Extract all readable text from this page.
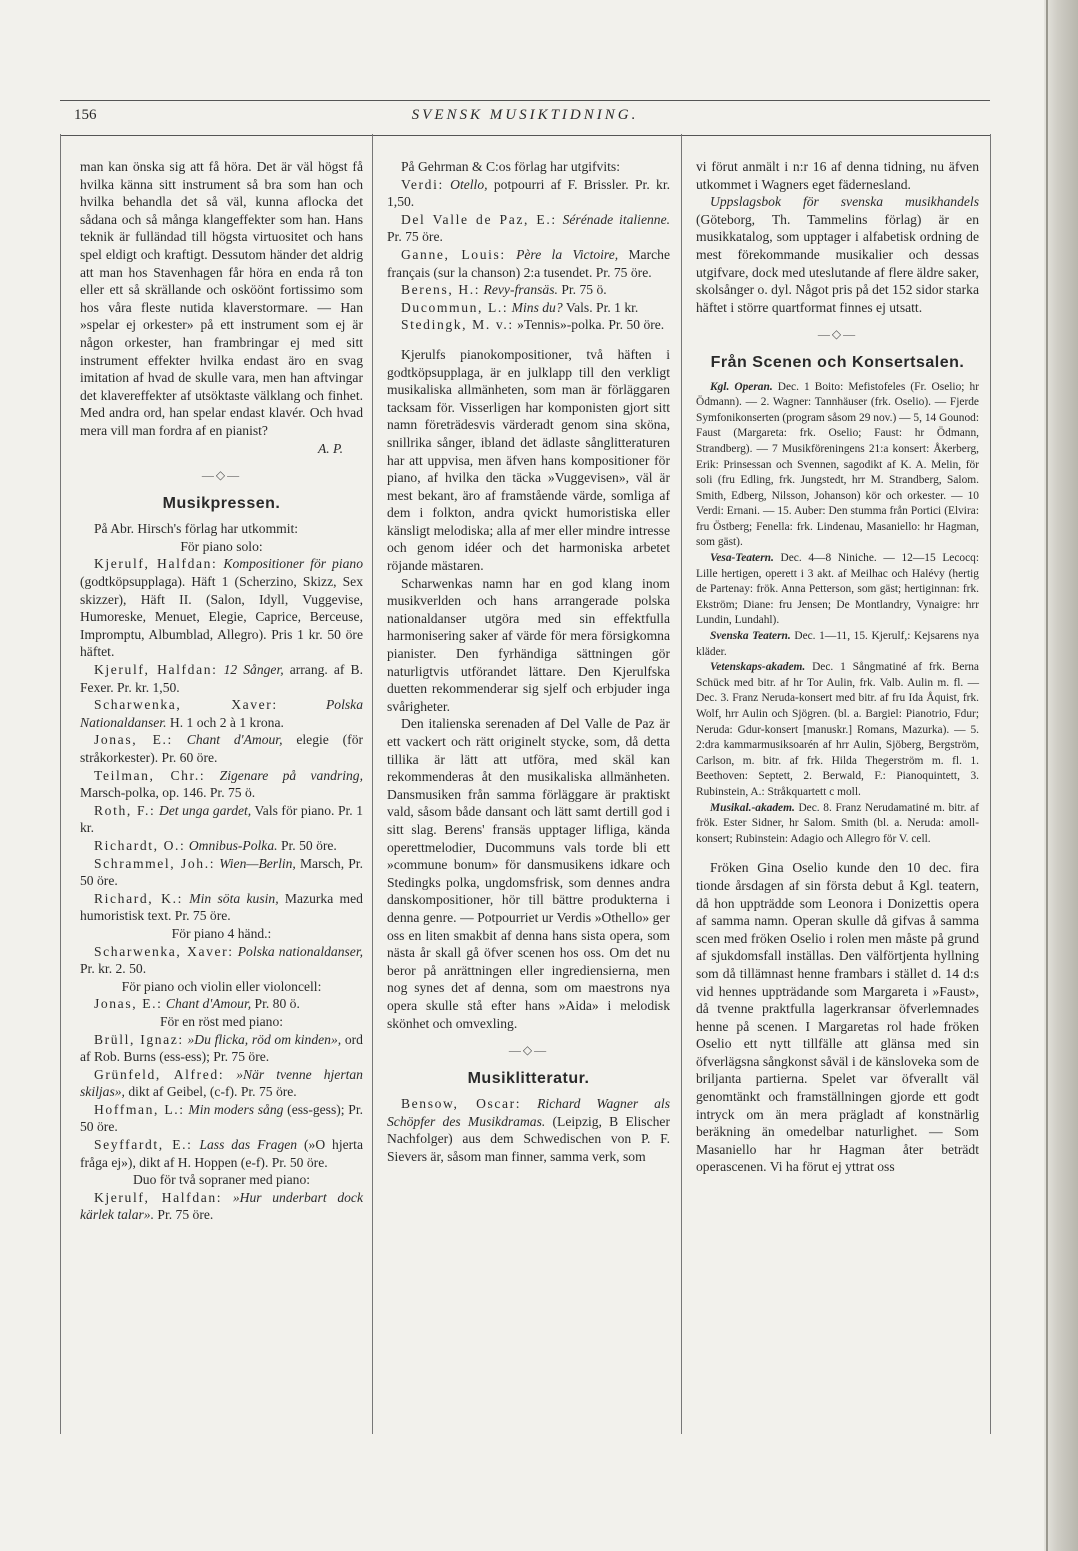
156	SVENSK MUSIKTIDNING.

man kan önska sig att få höra. Det är väl högst få hvilka känna sitt instrument så bra som han och hvilka behandla det så väl, kunna aflocka det sådana och så många klangeffekter som han. Hans teknik är fulländad till högsta virtuositet och hans spel eldigt och kraftigt. Dessutom händer det aldrig att man hos Stavenhagen får höra en enda rå ton eller ett så skrällande och osköönt fortissimo som hos våra fleste nutida klaverstormare. — Han »spelar ej orkester» på ett instrument som ej är någon orkester, han frambringar ej med sitt instrument effekter hvilka endast äro en svag imitation af hvad de skulle vara, men han aftvingar det klavereffekter af utsöktaste välklang och finhet. Med andra ord, han spelar endast klavér. Och hvad mera vill man fordra af en pianist?

A. P.

—◇—
Musikpressen.

På Abr. Hirsch's förlag har utkommit:

För piano solo:

Kjerulf, Halfdan: Kompositioner för piano (godtköpsupplaga). Häft 1 (Scherzino, Skizz, Sex skizzer), Häft II. (Salon, Idyll, Vuggevise, Humoreske, Menuet, Elegie, Caprice, Berceuse, Impromptu, Albumblad, Allegro). Pris 1 kr. 50 öre häftet.

Kjerulf, Halfdan: 12 Sånger, arrang. af B. Fexer. Pr. kr. 1,50.

Scharwenka, Xaver:	Polska Nationaldanser. H. 1 och 2 à 1 krona.

Jonas, E.: Chant d'Amour, elegie (för stråkorkester). Pr. 60 öre.

Teilman, Chr.: Zigenare på vandring, Marsch-polka, op. 146. Pr. 75 ö.

Roth, F.: Det unga gardet, Vals för piano. Pr. 1 kr.

Richardt, O.: Omnibus-Polka. Pr. 50 öre.

Schrammel, Joh.: Wien—Berlin, Marsch, Pr. 50 öre.

Richard, K.: Min söta kusin, Mazurka med humoristisk text. Pr. 75 öre.

För piano 4 händ.:

Scharwenka, Xaver: Polska nationaldanser, Pr. kr. 2. 50.

För piano och violin eller violoncell:

Jonas, E.: Chant d'Amour, Pr. 80 ö.

För en röst med piano:

Brüll, Ignaz: »Du flicka, röd om kinden», ord af Rob. Burns (ess-ess); Pr. 75 öre.

Grünfeld, Alfred: »När tvenne hjertan skiljas», dikt af Geibel, (c-f). Pr. 75 öre.

Hoffman, L.: Min moders sång (ess-gess); Pr. 50 öre.

Seyffardt, E.: Lass das Fragen (»O hjerta fråga ej»), dikt af H. Hoppen (e-f). Pr. 50 öre.

Duo för två sopraner med piano:

Kjerulf, Halfdan: »Hur underbart dock kärlek talar». Pr. 75 öre.

På Gehrman & C:os förlag har utgifvits:

Verdi: Otello, potpourri af F. Brissler. Pr. kr. 1,50.

Del Valle de Paz, E.: Sérénade italienne. Pr. 75 öre.

Ganne, Louis: Père la Victoire, Marche français (sur la chanson) 2:a tusendet. Pr. 75 öre.

Berens, H.: Revy-fransäs. Pr. 75 ö.

Ducommun, L.: Mins du? Vals. Pr. 1 kr.

Stedingk, M. v.: »Tennis»-polka. Pr. 50 öre.

Kjerulfs pianokompositioner, två häften i godtköpsupplaga, är en julklapp till den verkligt musikaliska allmänheten, som man är förläggaren tacksam för. Visserligen har komponisten gjort sitt namn företrädesvis värderadt genom sina sköna, snillrika sånger, ibland det ädlaste sånglitteraturen har att uppvisa, men äfven hans kompositioner för piano, af hvilka den täcka »Vuggevisen», väl är mest bekant, äro af framstående värde, somliga af dem i folkton, andra qvickt humoristiska eller känsligt melodiska; alla af mer eller mindre intresse och genom idéer och det harmoniska arbetet röjande mästaren.

Scharwenkas namn har en god klang inom musikverlden och hans arrangerade polska nationaldanser utgöra med sin effektfulla harmonisering saker af värde för mera försigkomna pianister. Den fyrhändiga sättningen gör naturligtvis utförandet lättare. Den Kjerulfska duetten rekommenderar sig sjelf och erbjuder inga svårigheter.

Den italienska serenaden af Del Valle de Paz är ett vackert och rätt originelt stycke, som, då detta tillika är lätt att utföra, med skäl kan rekommenderas åt den musikaliska allmänheten. Dansmusiken från samma förläggare är praktiskt vald, såsom både dansant och lätt samt dertill god i sitt slag. Berens' fransäs upptager lifliga, kända operettmelodier, Ducommuns vals torde bli ett »commune bonum» för dansmusikens idkare och Stedingks polka, ungdomsfrisk, som dennes andra danskompositioner, hör till bättre produkterna i denna genre. — Potpourriet ur Verdis »Othello» ger oss en liten smakbit af denna hans sista opera, som nästa år skall gå öfver scenen hos oss. Om det nu beror på anrättningen eller ingrediensierna, men nog synes det af denna, som om maestrons nya opera skulle stå efter hans »Aida» i melodisk skönhet och omvexling.

—◇—
Musiklitteratur.

Bensow, Oscar: Richard Wagner als Schöpfer des Musikdramas. (Leipzig, B Elischer Nachfolger) aus dem Schwedischen von P. F. Sievers är, såsom man finner, samma verk, som

vi förut anmält i n:r 16 af denna tidning, nu äfven utkommet i Wagners eget fädernesland.

Uppslagsbok för svenska musikhandels (Göteborg, Th. Tammelins förlag) är en musikkatalog, som upptager i alfabetisk ordning de mest förekommande musikalier och dessas utgifvare, dock med uteslutande af flere äldre saker, skolsånger o. dyl. Något pris på det 152 sidor starka häftet i större quartformat finnes ej utsatt.

—◇—
Från Scenen och Konsertsalen.

Kgl. Operan. Dec. 1 Boito: Mefistofeles (Fr. Oselio; hr Ödmann). — 2. Wagner: Tannhäuser (frk. Oselio). — Fjerde Symfonikonserten (program såsom 29 nov.) — 5, 14 Gounod: Faust (Margareta: frk. Oselio; Faust: hr Ödmann, Strandberg). — 7 Musikföreningens 21:a konsert: Åkerberg, Erik: Prinsessan och Svennen, sagodikt af K. A. Melin, för soli (fru Edling, frk. Jungstedt, hrr M. Strandberg, Salom. Smith, Edberg, Nilsson, Johanson) kör och orkester. — 10 Verdi: Ernani. — 15. Auber: Den stumma från Portici (Elvira: fru Östberg; Fenella: frk. Lindenau, Masaniello: hr Hagman, som gäst).

Vesa-Teatern. Dec. 4—8 Niniche. — 12—15 Lecocq: Lille hertigen, operett i 3 akt. af Meilhac och Halévy (hertig de Partenay: frök. Anna Petterson, som gäst; hertiginnan: frk. Ekström; Diane: fru Jensen; De Montlandry, Vynaigre: hrr Lundin, Lundahl).

Svenska Teatern. Dec. 1—11, 15. Kjerulf,: Kejsarens nya kläder.

Vetenskaps-akadem. Dec. 1 Sångmatiné af frk. Berna Schück med bitr. af hr Tor Aulin, frk. Valb. Aulin m. fl. — Dec. 3. Franz Neruda-konsert med bitr. af fru Ida Åquist, frk. Wolf, hrr Aulin och Sjögren. (bl. a. Bargiel: Pianotrio, Fdur; Neruda: Gdur-konsert [manuskr.] Romans, Mazurka). — 5. 2:dra kammarmusiksoarén af hrr Aulin, Sjöberg, Bergström, Carlson, m. bitr. af frk. Hilda Thegerström m. fl. 1. Beethoven: Septett, 2. Berwald, F.: Pianoquintett, 3. Rubinstein, A.: Stråkquartett c moll.

Musikal.-akadem. Dec. 8. Franz Nerudamatiné m. bitr. af frök. Ester Sidner, hr Salom. Smith (bl. a. Neruda: amoll-konsert; Rubinstein: Adagio och Allegro för V. cell.

Fröken Gina Oselio kunde den 10 dec. fira tionde årsdagen af sin första debut å Kgl. teatern, då hon uppträdde som Leonora i Donizettis opera af samma namn. Operan skulle då gifvas å samma scen med fröken Oselio i rolen men måste på grund af sjukdomsfall inställas. Den välförtjenta hyllning som då tillämnast henne frambars i stället d. 14 d:s vid hennes uppträdande som Margareta i »Faust», då tvenne praktfulla lagerkransar öfverlemnades henne på scenen. I Margaretas rol hade fröken Oselio ett nytt tillfälle att glänsa med sin öfverlägsna sångkonst såväl i de känsloveka som de briljanta partierna. Spelet var öfverallt väl genomtänkt och framställningen gjorde ett godt intryck om än mera prägladt af konstnärlig beräkning än omedelbar naturlighet. — Som Masaniello har hr Hagman åter beträdt operascenen. Vi ha förut ej yttrat oss
